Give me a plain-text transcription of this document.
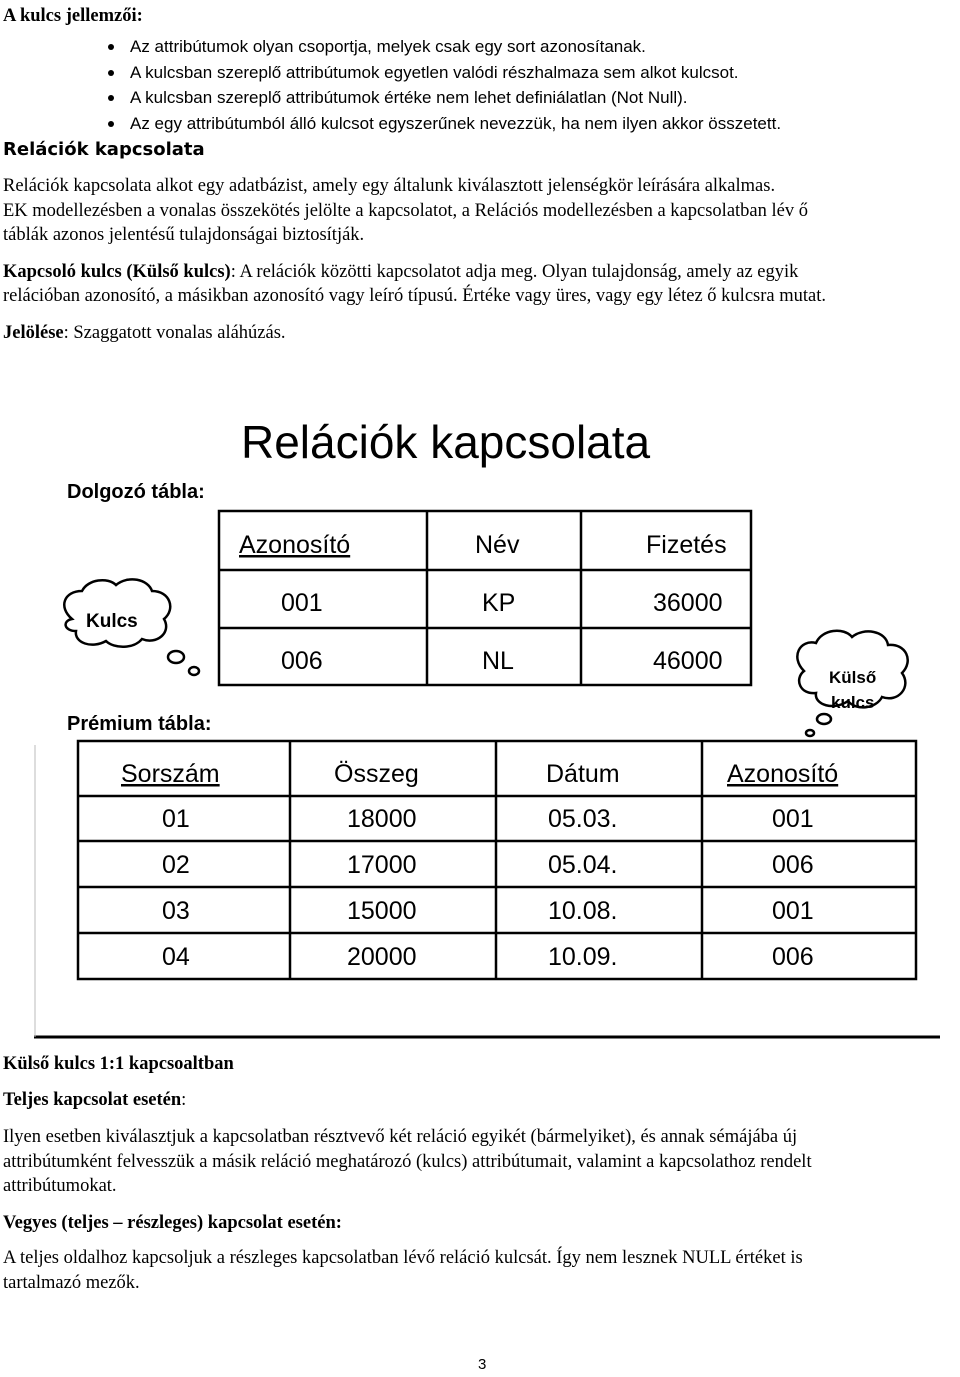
A kulcs jellemzői:
Az attribútumok olyan csoportja, melyek csak egy sort azonosítanak.
A kulcsban szereplő attribútumok egyetlen valódi részhalmaza sem alkot kulcsot.
A kulcsban szereplő attribútumok értéke nem lehet definiálatlan (Not Null).
Az egy attribútumból álló kulcsot egyszerűnek nevezzük, ha nem ilyen akkor összetett.
Relációk kapcsolata
Relációk kapcsolata alkot egy adatbázist, amely egy általunk kiválasztott jelenségkör leírására alkalmas.
EK modellezésben a vonalas összekötés jelölte a kapcsolatot, a Relációs modellezésben a kapcsolatban lév ő
táblák azonos jelentésű tulajdonságai biztosítják.
Kapcsoló kulcs (Külső kulcs): A relációk közötti kapcsolatot adja meg. Olyan tulajdonság, amely az egyik
relációban azonosító, a másikban azonosító vagy leíró típusú. Értéke vagy üres, vagy egy létez ő kulcsra mutat.
Jelölése: Szaggatott vonalas aláhúzás.
Relációk kapcsolata
Dolgozó tábla:
Azonosító	Név	Fizetés
001	KP	36000
006	NL	46000
Kulcs
Külső
kulcs
Prémium tábla:
Sorszám	Összeg	Dátum	Azonosító
01	18000	05.03.	001
02	17000	05.04.	006
03	15000	10.08.	001
04	20000	10.09.	006
Külső kulcs 1:1 kapcsoaltban
Teljes kapcsolat esetén:
Ilyen esetben kiválasztjuk a kapcsolatban résztvevő két reláció egyikét (bármelyiket), és annak sémájába új
attribútumként felvesszük a másik reláció meghatározó (kulcs) attribútumait, valamint a kapcsolathoz rendelt
attribútumokat.
Vegyes (teljes – részleges) kapcsolat esetén:
A teljes oldalhoz kapcsoljuk a részleges kapcsolatban lévő reláció kulcsát. Így nem lesznek NULL értéket is
tartalmazó mezők.
3
